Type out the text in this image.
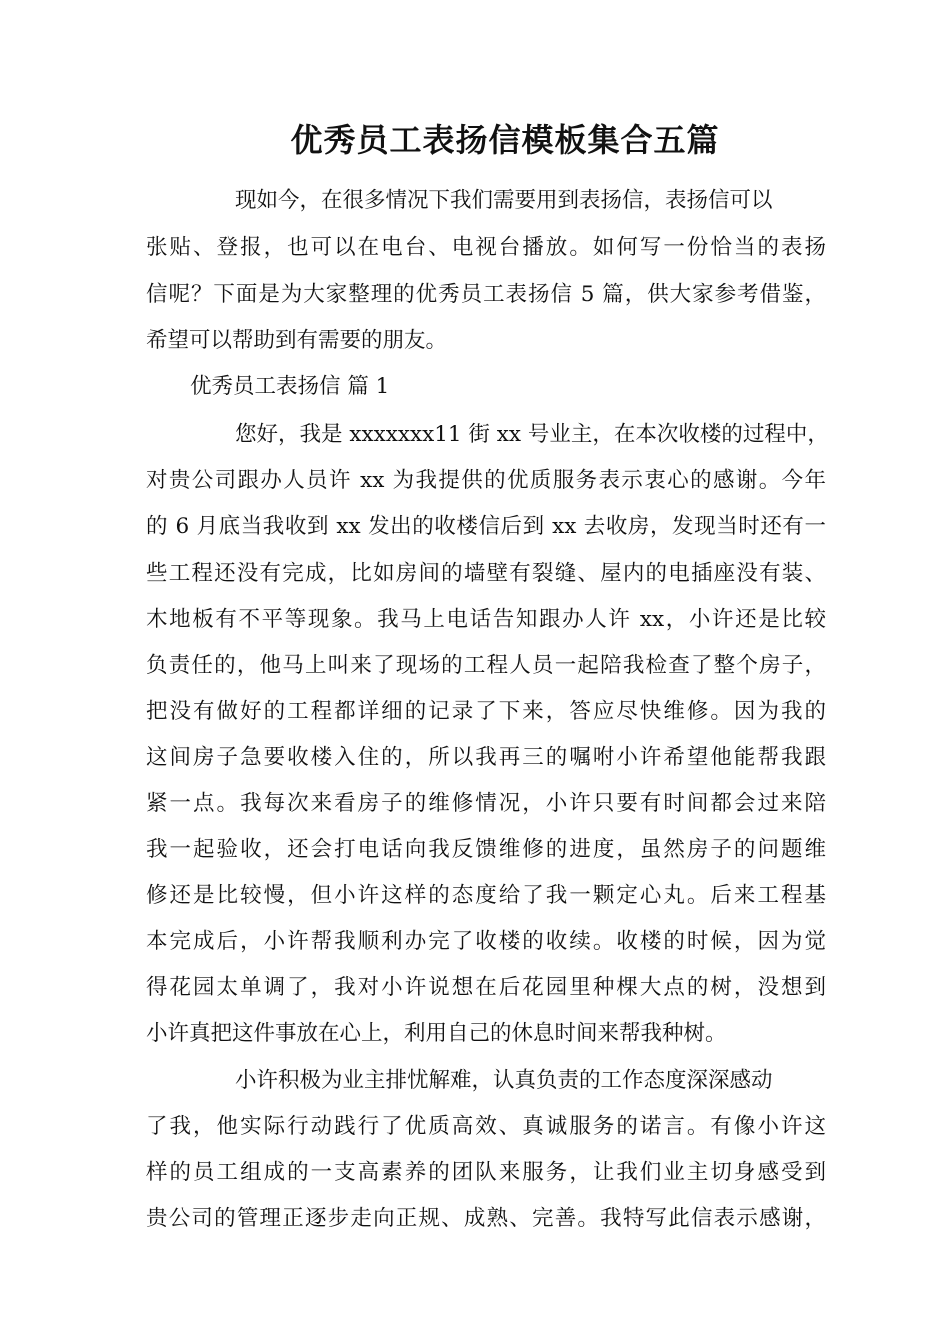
优秀员工表扬信模板集合五篇

现如今，在很多情况下我们需要用到表扬信，表扬信可以

张贴、登报，也可以在电台、电视台播放。如何写一份恰当的表扬

信呢？下面是为大家整理的优秀员工表扬信 5 篇，供大家参考借鉴，

希望可以帮助到有需要的朋友。

优秀员工表扬信 篇 1

您好，我是 xxxxxxx11 街 xx 号业主，在本次收楼的过程中，

对贵公司跟办人员许 xx 为我提供的优质服务表示衷心的感谢。今年

的 6 月底当我收到 xx 发出的收楼信后到 xx 去收房，发现当时还有一

些工程还没有完成，比如房间的墙壁有裂缝、屋内的电插座没有装、

木地板有不平等现象。我马上电话告知跟办人许 xx，小许还是比较

负责任的，他马上叫来了现场的工程人员一起陪我检查了整个房子，

把没有做好的工程都详细的记录了下来，答应尽快维修。因为我的

这间房子急要收楼入住的，所以我再三的嘱咐小许希望他能帮我跟

紧一点。我每次来看房子的维修情况，小许只要有时间都会过来陪

我一起验收，还会打电话向我反馈维修的进度，虽然房子的问题维

修还是比较慢，但小许这样的态度给了我一颗定心丸。后来工程基

本完成后，小许帮我顺利办完了收楼的收续。收楼的时候，因为觉

得花园太单调了，我对小许说想在后花园里种棵大点的树，没想到

小许真把这件事放在心上，利用自己的休息时间来帮我种树。

小许积极为业主排忧解难，认真负责的工作态度深深感动

了我，他实际行动践行了优质高效、真诚服务的诺言。有像小许这

样的员工组成的一支高素养的团队来服务，让我们业主切身感受到

贵公司的管理正逐步走向正规、成熟、完善。我特写此信表示感谢，
